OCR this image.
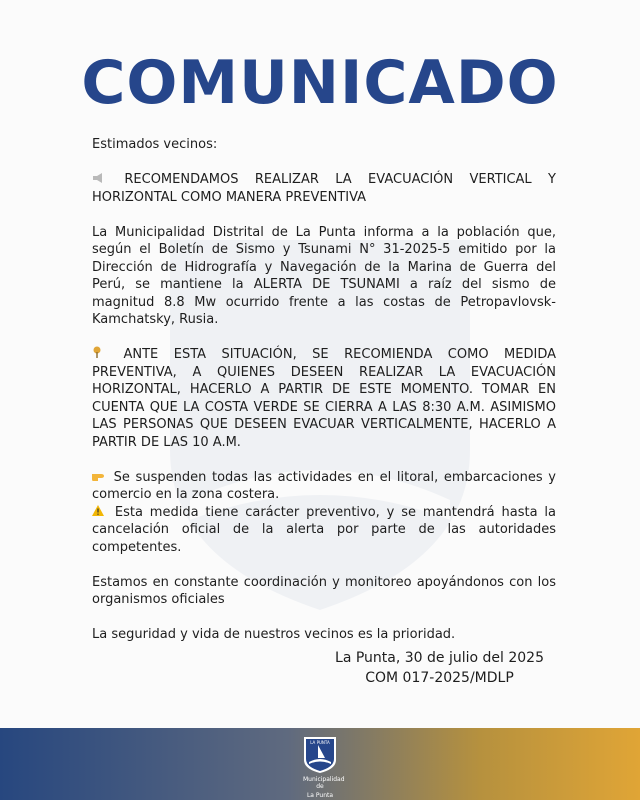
COMUNICADO

Estimados vecinos:

RECOMENDAMOS REALIZAR LA EVACUACIÓN VERTICAL Y HORIZONTAL COMO MANERA PREVENTIVA

La Municipalidad Distrital de La Punta informa a la población que, según el Boletín de Sismo y Tsunami N° 31-2025-5 emitido por la Dirección de Hidrografía y Navegación de la Marina de Guerra del Perú, se mantiene la ALERTA DE TSUNAMI a raíz del sismo de magnitud 8.8 Mw ocurrido frente a las costas de Petropavlovsk-Kamchatsky, Rusia.

ANTE ESTA SITUACIÓN, SE RECOMIENDA COMO MEDIDA PREVENTIVA, A QUIENES DESEEN REALIZAR LA EVACUACIÓN HORIZONTAL, HACERLO A PARTIR DE ESTE MOMENTO. TOMAR EN CUENTA QUE LA COSTA VERDE SE CIERRA A LAS 8:30 A.M. ASIMISMO LAS PERSONAS QUE DESEEN EVACUAR VERTICALMENTE, HACERLO A PARTIR DE LAS 10 A.M.

Se suspenden todas las actividades en el litoral, embarcaciones y comercio en la zona costera.

Esta medida tiene carácter preventivo, y se mantendrá hasta la cancelación oficial de la alerta por parte de las autoridades competentes.

Estamos en constante coordinación y monitoreo apoyándonos con los organismos oficiales

La seguridad y vida de nuestros vecinos es la prioridad.

La Punta, 30 de julio del 2025
COM 017-2025/MDLP
LA PUNTA
Municipalidad de
La Punta
